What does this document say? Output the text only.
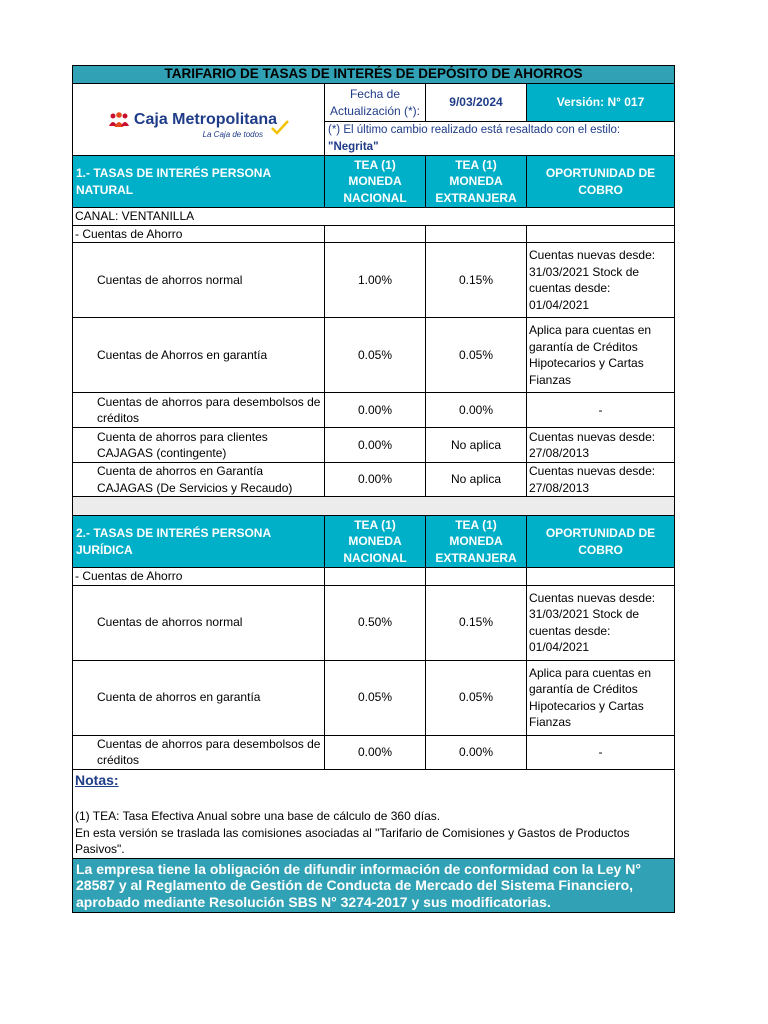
TARIFARIO DE TASAS DE INTERÉS DE DEPÓSITO DE AHORROS			

Caja Metropolitana
La Caja de todos	Fecha de Actualización (*):	9/03/2024	Versión: N° 017
	(*) El último cambio realizado está resaltado con el estilo: "Negrita"		
1.- TASAS DE INTERÉS PERSONA NATURAL	TEA (1) MONEDA NACIONAL	TEA (1) MONEDA EXTRANJERA	OPORTUNIDAD DE COBRO
CANAL: VENTANILLA			
- Cuentas de Ahorro			
Cuentas de ahorros normal	1.00%	0.15%	Cuentas nuevas desde: 31/03/2021 Stock de cuentas desde: 01/04/2021
Cuentas de Ahorros en garantía	0.05%	0.05%	Aplica para cuentas en garantía de Créditos Hipotecarios y Cartas Fianzas
Cuentas de ahorros para desembolsos de créditos	0.00%	0.00%	-
Cuenta de ahorros para clientes CAJAGAS (contingente)	0.00%	No aplica	Cuentas nuevas desde: 27/08/2013
Cuenta de ahorros en Garantía CAJAGAS (De Servicios y Recaudo)	0.00%	No aplica	Cuentas nuevas desde: 27/08/2013

2.- TASAS DE INTERÉS PERSONA JURÍDICA	TEA (1) MONEDA NACIONAL	TEA (1) MONEDA EXTRANJERA	OPORTUNIDAD DE COBRO
- Cuentas de Ahorro			
Cuentas de ahorros normal	0.50%	0.15%	Cuentas nuevas desde: 31/03/2021 Stock de cuentas desde: 01/04/2021
Cuenta de ahorros en garantía	0.05%	0.05%	Aplica para cuentas en garantía de Créditos Hipotecarios y Cartas Fianzas
Cuentas de ahorros para desembolsos de créditos	0.00%	0.00%	-

Notas:
(1) TEA: Tasa Efectiva Anual sobre una base de cálculo de 360 días.
En esta versión se traslada las comisiones asociadas al "Tarifario de Comisiones y Gastos de Productos Pasivos".			

La empresa tiene la obligación de difundir información de conformidad con la Ley N° 28587 y al Reglamento de Gestión de Conducta de Mercado del Sistema Financiero, aprobado mediante Resolución SBS N° 3274-2017 y sus modificatorias.			
